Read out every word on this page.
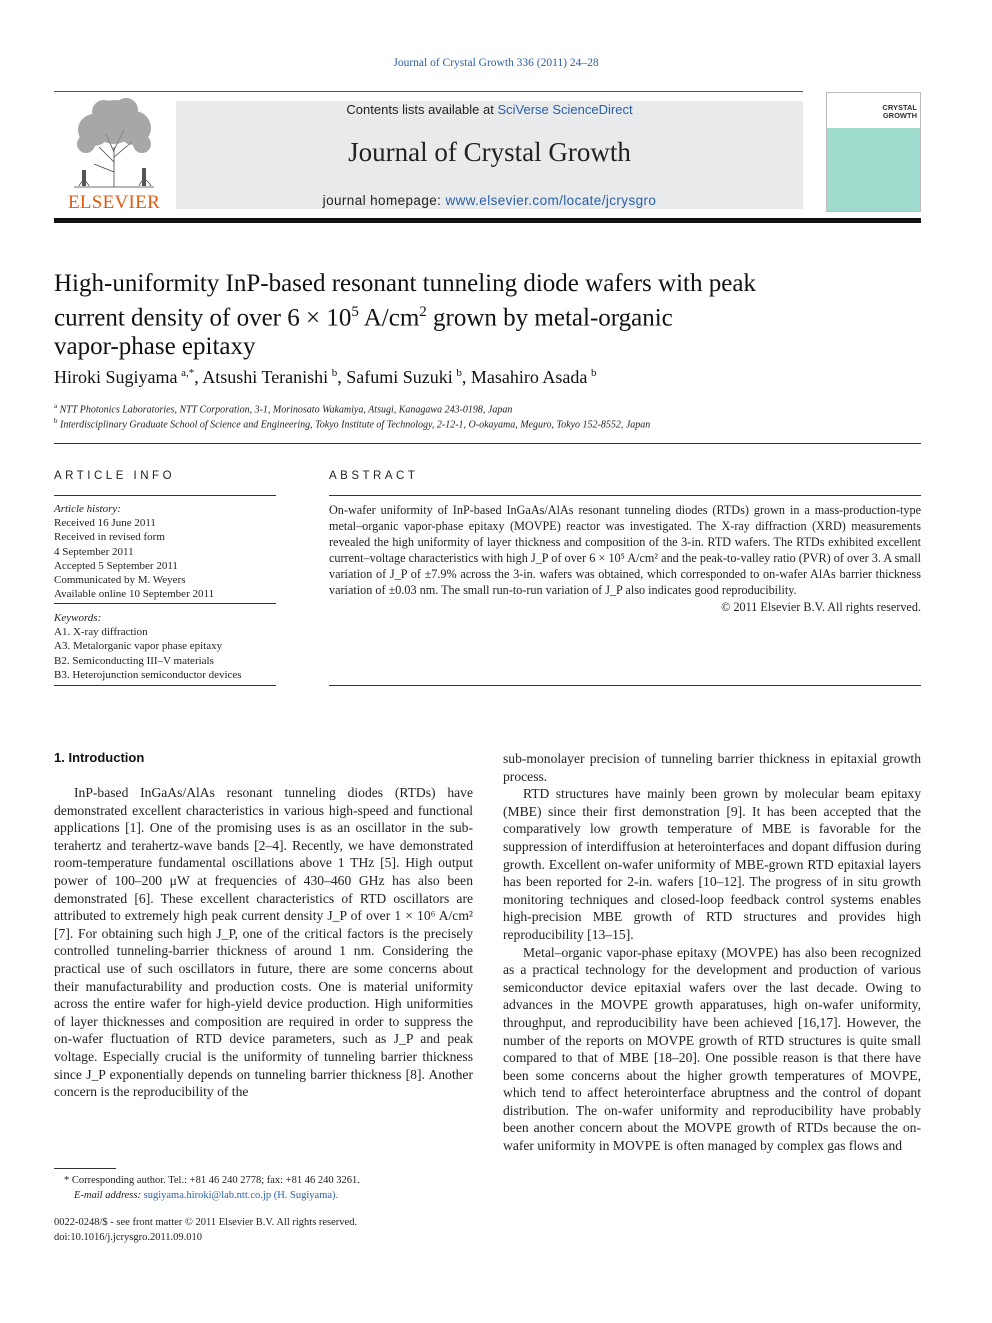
Journal of Crystal Growth 336 (2011) 24–28
ELSEVIER
Contents lists available at SciVerse ScienceDirect
Journal of Crystal Growth
journal homepage: www.elsevier.com/locate/jcrysgro
CRYSTAL
GROWTH
High-uniformity InP-based resonant tunneling diode wafers with peak
current density of over $6 \times 10^5$ $A/cm^2$ grown by metal-organic
vapor-phase epitaxy
Hiroki Sugiyama  $^{a,*}$, Atsushi Teranishi  $^b$, Safumi Suzuki  $^b$, Masahiro Asada  $^b$
$^a$ NTT Photonics Laboratories, NTT Corporation, 3-1, Morinosato Wakamiya, Atsugi, Kanagawa 243-0198, Japan
$^b$ Interdisciplinary Graduate School of Science and Engineering, Tokyo Institute of Technology, 2-12-1, O-okayama, Meguro, Tokyo 152-8552, Japan
ARTICLE INFO
Article history:
Received 16 June 2011
Received in revised form
4 September 2011
Accepted 5 September 2011
Communicated by M. Weyers
Available online 10 September 2011
Keywords:
A1. X-ray diffraction
A3. Metalorganic vapor phase epitaxy
B2. Semiconducting III–V materials
B3. Heterojunction semiconductor devices
ABSTRACT
On-wafer uniformity of InP-based InGaAs/AlAs resonant tunneling diodes (RTDs) grown in a mass-production-type metal–organic vapor-phase epitaxy (MOVPE) reactor was investigated. The X-ray diffraction (XRD) measurements revealed the high uniformity of layer thickness and composition of the 3-in. RTD wafers. The RTDs exhibited excellent current–voltage characteristics with high J_P of over 6 × 10⁵ A/cm² and the peak-to-valley ratio (PVR) of over 3. A small variation of J_P of ±7.9% across the 3-in. wafers was obtained, which corresponded to on-wafer AlAs barrier thickness variation of ±0.03 nm. The small run-to-run variation of J_P also indicates good reproducibility.
© 2011 Elsevier B.V. All rights reserved.
1. Introduction

InP-based InGaAs/AlAs resonant tunneling diodes (RTDs) have demonstrated excellent characteristics in various high-speed and functional applications [1]. One of the promising uses is as an oscillator in the sub-terahertz and terahertz-wave bands [2–4]. Recently, we have demonstrated room-temperature fundamental oscillations above 1 THz [5]. High output power of 100–200 μW at frequencies of 430–460 GHz has also been demonstrated [6]. These excellent characteristics of RTD oscillators are attributed to extremely high peak current density J_P of over 1 × 10⁶ A/cm² [7]. For obtaining such high J_P, one of the critical factors is the precisely controlled tunneling-barrier thickness of around 1 nm. Considering the practical use of such oscillators in future, there are some concerns about their manufacturability and production costs. One is material uniformity across the entire wafer for high-yield device production. High uniformities of layer thicknesses and composition are required in order to suppress the on-wafer fluctuation of RTD device parameters, such as J_P and peak voltage. Especially crucial is the uniformity of tunneling barrier thickness since J_P exponentially depends on tunneling barrier thickness [8]. Another concern is the reproducibility of the

sub-monolayer precision of tunneling barrier thickness in epitaxial growth process.

RTD structures have mainly been grown by molecular beam epitaxy (MBE) since their first demonstration [9]. It has been accepted that the comparatively low growth temperature of MBE is favorable for the suppression of interdiffusion at heterointerfaces and dopant diffusion during growth. Excellent on-wafer uniformity of MBE-grown RTD epitaxial layers has been reported for 2-in. wafers [10–12]. The progress of in situ growth monitoring techniques and closed-loop feedback control systems enables high-precision MBE growth of RTD structures and provides high reproducibility [13–15].

Metal–organic vapor-phase epitaxy (MOVPE) has also been recognized as a practical technology for the development and production of various semiconductor device epitaxial wafers over the last decade. Owing to advances in the MOVPE growth apparatuses, high on-wafer uniformity, throughput, and reproducibility have been achieved [16,17]. However, the number of the reports on MOVPE growth of RTD structures is quite small compared to that of MBE [18–20]. One possible reason is that there have been some concerns about the higher growth temperatures of MOVPE, which tend to affect heterointerface abruptness and the control of dopant distribution. The on-wafer uniformity and reproducibility have probably been another concern about the MOVPE growth of RTDs because the on-wafer uniformity in MOVPE is often managed by complex gas flows and

* Corresponding author. Tel.: +81 46 240 2778; fax: +81 46 240 3261.
E-mail address: sugiyama.hiroki@lab.ntt.co.jp (H. Sugiyama).
0022-0248/$ - see front matter © 2011 Elsevier B.V. All rights reserved.
doi:10.1016/j.jcrysgro.2011.09.010
